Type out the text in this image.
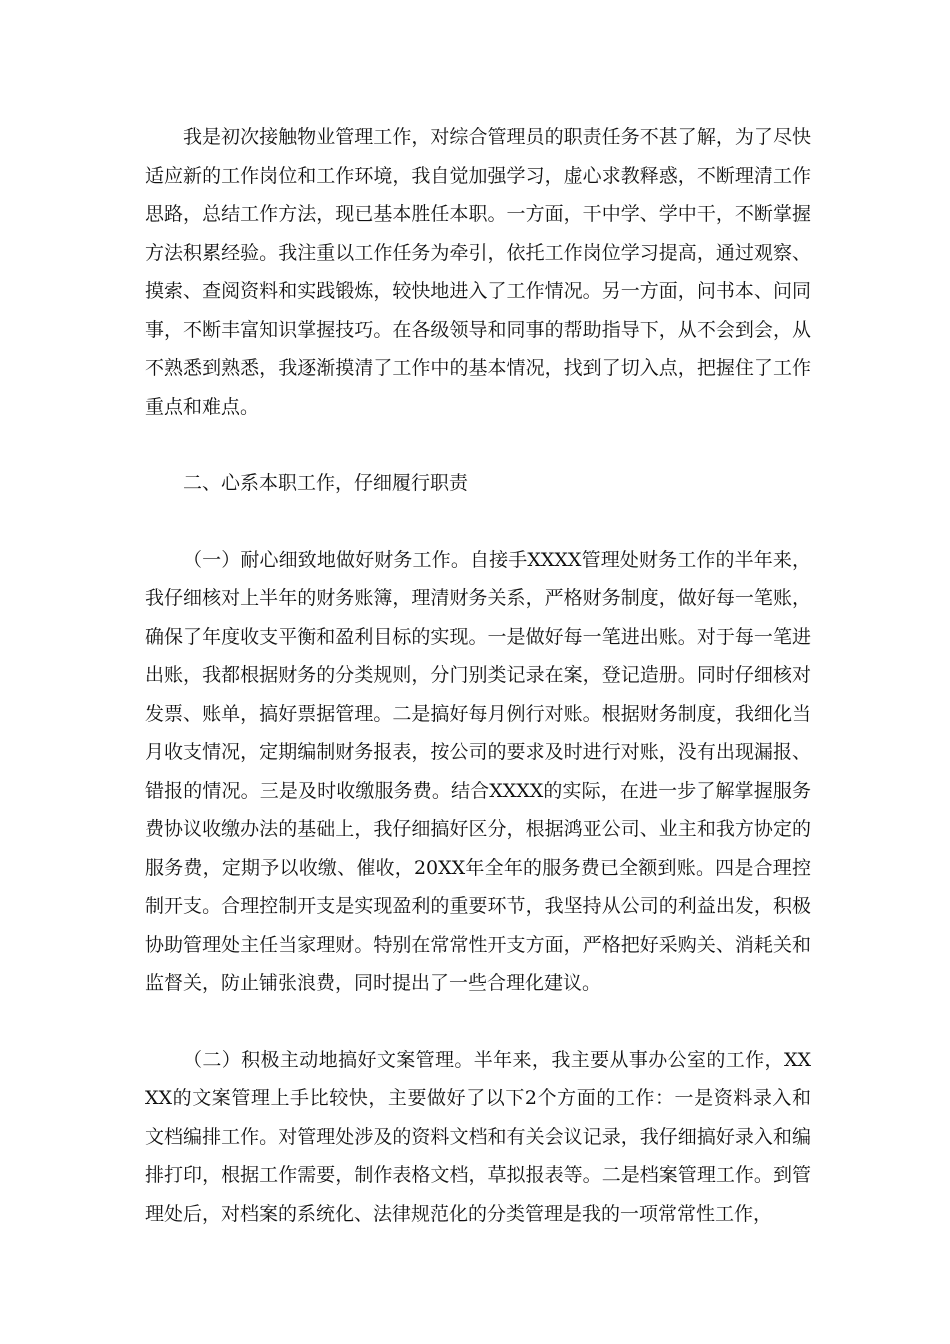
我是初次接触物业管理工作，对综合管理员的职责任务不甚了解，为了尽快适应新的工作岗位和工作环境，我自觉加强学习，虚心求教释惑，不断理清工作思路，总结工作方法，现已基本胜任本职。一方面，干中学、学中干，不断掌握方法积累经验。我注重以工作任务为牵引，依托工作岗位学习提高，通过观察、摸索、查阅资料和实践锻炼，较快地进入了工作情况。另一方面，问书本、问同事，不断丰富知识掌握技巧。在各级领导和同事的帮助指导下，从不会到会，从不熟悉到熟悉，我逐渐摸清了工作中的基本情况，找到了切入点，把握住了工作重点和难点。

二、心系本职工作，仔细履行职责

（一）耐心细致地做好财务工作。自接手XXXX管理处财务工作的半年来，我仔细核对上半年的财务账簿，理清财务关系，严格财务制度，做好每一笔账，确保了年度收支平衡和盈利目标的实现。一是做好每一笔进出账。对于每一笔进出账，我都根据财务的分类规则，分门别类记录在案，登记造册。同时仔细核对发票、账单，搞好票据管理。二是搞好每月例行对账。根据财务制度，我细化当月收支情况，定期编制财务报表，按公司的要求及时进行对账，没有出现漏报、错报的情况。三是及时收缴服务费。结合XXXX的实际，在进一步了解掌握服务费协议收缴办法的基础上，我仔细搞好区分，根据鸿亚公司、业主和我方协定的服务费，定期予以收缴、催收，20XX年全年的服务费已全额到账。四是合理控制开支。合理控制开支是实现盈利的重要环节，我坚持从公司的利益出发，积极协助管理处主任当家理财。特别在常常性开支方面，严格把好采购关、消耗关和监督关，防止铺张浪费，同时提出了一些合理化建议。

（二）积极主动地搞好文案管理。半年来，我主要从事办公室的工作，XXXX的文案管理上手比较快，主要做好了以下2个方面的工作：一是资料录入和文档编排工作。对管理处涉及的资料文档和有关会议记录，我仔细搞好录入和编排打印，根据工作需要，制作表格文档，草拟报表等。二是档案管理工作。到管理处后，对档案的系统化、法律规范化的分类管理是我的一项常常性工作，
